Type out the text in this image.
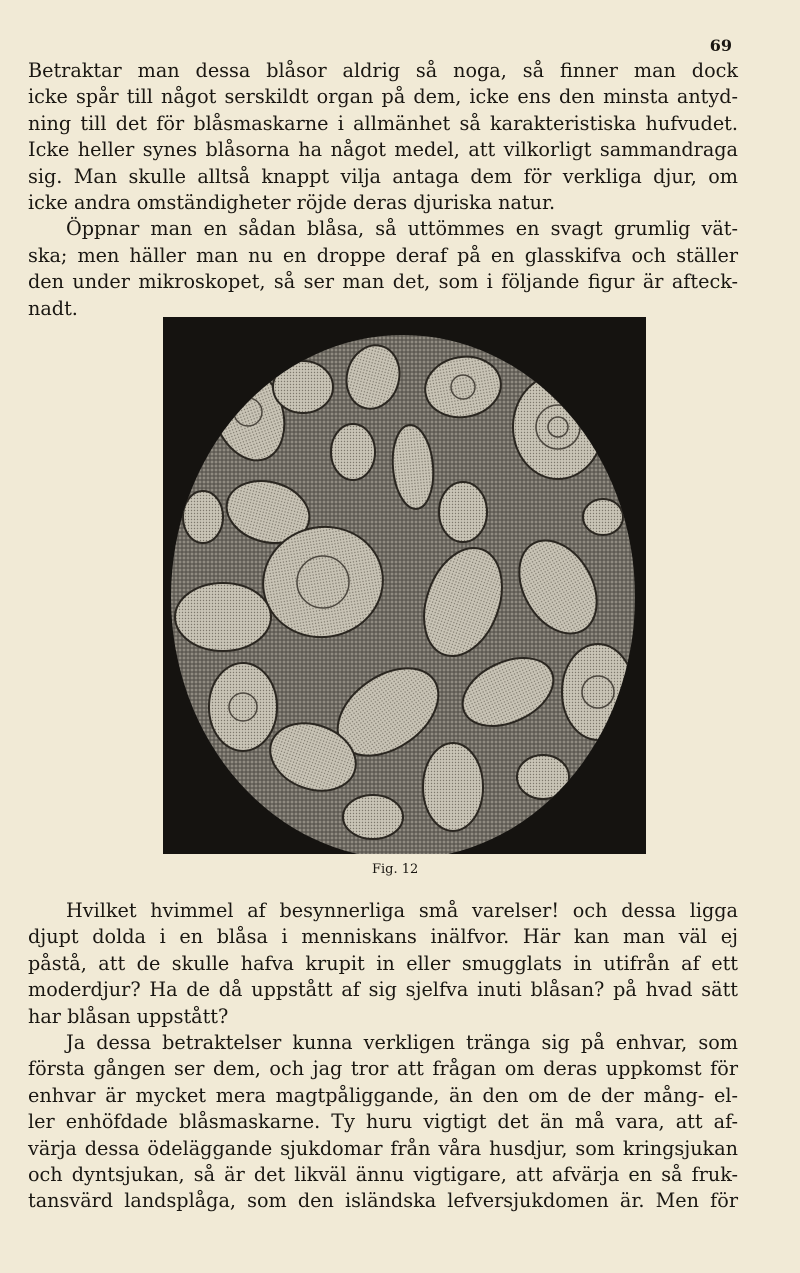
69
Betraktar man dessa blåsor aldrig så noga, så finner man dock
icke spår till något serskildt organ på dem, icke ens den minsta antyd-
ning till det för blåsmaskarne i allmänhet så karakteristiska hufvudet.
Icke heller synes blåsorna ha något medel, att vilkorligt sammandraga
sig. Man skulle alltså knappt vilja antaga dem för verkliga djur, om
icke andra omständigheter röjde deras djuriska natur.
Öppnar man en sådan blåsa, så uttömmes en svagt grumlig vät-
ska; men häller man nu en droppe deraf på en glasskifva och ställer
den under mikroskopet, så ser man det, som i följande figur är afteck-
nadt.
Fig. 12
Hvilket hvimmel af besynnerliga små varelser! och dessa ligga
djupt dolda i en blåsa i menniskans inälfvor. Här kan man väl ej
påstå, att de skulle hafva krupit in eller smugglats in utifrån af ett
moderdjur? Ha de då uppstått af sig sjelfva inuti blåsan? på hvad sätt
har blåsan uppstått?
Ja dessa betraktelser kunna verkligen tränga sig på enhvar, som
första gången ser dem, och jag tror att frågan om deras uppkomst för
enhvar är mycket mera magtpåliggande, än den om de der mång- el-
ler enhöfdade blåsmaskarne. Ty huru vigtigt det än må vara, att af-
värja dessa ödeläggande sjukdomar från våra husdjur, som kringsjukan
och dyntsjukan, så är det likväl ännu vigtigare, att afvärja en så fruk-
tansvärd landsplåga, som den isländska lefversjukdomen är. Men för
